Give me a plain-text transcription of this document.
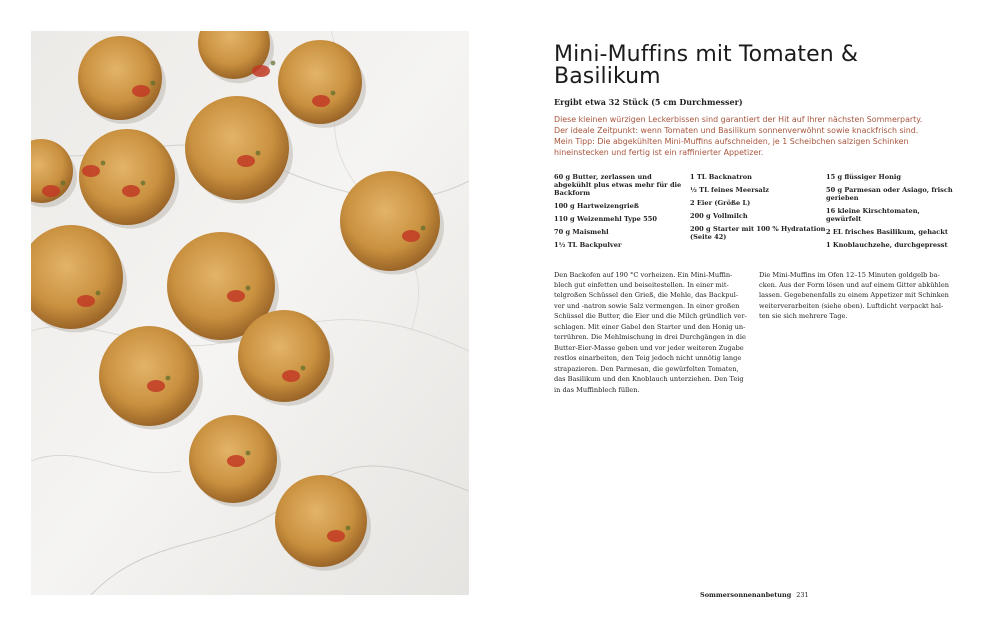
Mini-Muffins mit Tomaten &
Basilikum
Ergibt etwa 32 Stück (5 cm Durchmesser)
Diese kleinen würzigen Leckerbissen sind garantiert der Hit auf Ihrer nächsten Sommerparty.
Der ideale Zeitpunkt: wenn Tomaten und Basilikum sonnenverwöhnt sowie knackfrisch sind.
Mein Tipp: Die abgekühlten Mini-Muffins aufschneiden, je 1 Scheibchen salzigen Schinken
hineinstecken und fertig ist ein raffinierter Appetizer.
60 g Butter, zerlassen und abgekühlt plus etwas mehr für die Backform
100 g Hartweizengrieß
110 g Weizenmehl Type 550
70 g Maismehl
1½ TL Backpulver
1 TL Backnatron
½ TL feines Meersalz
2 Eier (Größe L)
200 g Vollmilch
200 g Starter mit 100 % Hydratation (Seite 42)
15 g flüssiger Honig
50 g Parmesan oder Asiago, frisch gerieben
16 kleine Kirschtomaten, gewürfelt
2 EL frisches Basilikum, gehackt
1 Knoblauchzehe, durchgepresst
Den Backofen auf 190 °C vorheizen. Ein Mini-Muffin-
blech gut einfetten und beiseitestellen. In einer mit-
telgroßen Schüssel den Grieß, die Mehle, das Backpul-
ver und -natron sowie Salz vermengen. In einer großen
Schüssel die Butter, die Eier und die Milch gründlich ver-
schlagen. Mit einer Gabel den Starter und den Honig un-
terrühren. Die Mehlmischung in drei Durchgängen in die
Butter-Eier-Masse geben und vor jeder weiteren Zugabe
restlos einarbeiten, den Teig jedoch nicht unnötig lange
strapazieren. Den Parmesan, die gewürfelten Tomaten,
das Basilikum und den Knoblauch unterziehen. Den Teig
in das Muffinblech füllen.
Die Mini-Muffins im Ofen 12–15 Minuten goldgelb ba-
cken. Aus der Form lösen und auf einem Gitter abkühlen
lassen. Gegebenenfalls zu einem Appetizer mit Schinken
weiterverarbeiten (siehe oben). Luftdicht verpackt hal-
ten sie sich mehrere Tage.
Sommersonnenanbetung 231
